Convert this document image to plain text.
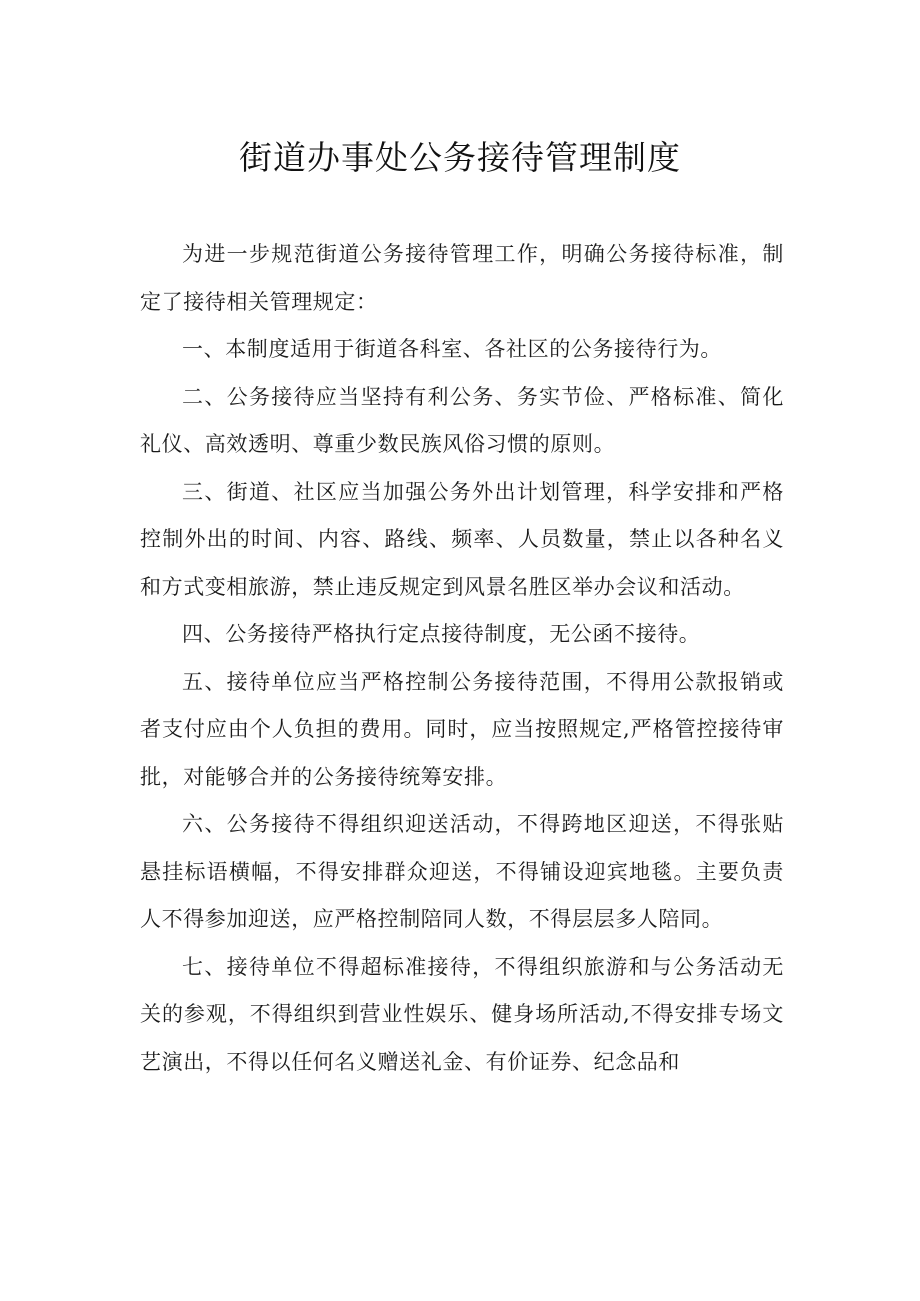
街道办事处公务接待管理制度

为进一步规范街道公务接待管理工作，明确公务接待标准，制定了接待相关管理规定：

一、本制度适用于街道各科室、各社区的公务接待行为。

二、公务接待应当坚持有利公务、务实节俭、严格标准、简化礼仪、高效透明、尊重少数民族风俗习惯的原则。

三、街道、社区应当加强公务外出计划管理，科学安排和严格控制外出的时间、内容、路线、频率、人员数量，禁止以各种名义和方式变相旅游，禁止违反规定到风景名胜区举办会议和活动。

四、公务接待严格执行定点接待制度，无公函不接待。

五、接待单位应当严格控制公务接待范围，不得用公款报销或者支付应由个人负担的费用。同时，应当按照规定,严格管控接待审批，对能够合并的公务接待统筹安排。

六、公务接待不得组织迎送活动，不得跨地区迎送，不得张贴悬挂标语横幅，不得安排群众迎送，不得铺设迎宾地毯。主要负责人不得参加迎送，应严格控制陪同人数，不得层层多人陪同。

七、接待单位不得超标准接待，不得组织旅游和与公务活动无关的参观，不得组织到营业性娱乐、健身场所活动,不得安排专场文艺演出，不得以任何名义赠送礼金、有价证券、纪念品和
